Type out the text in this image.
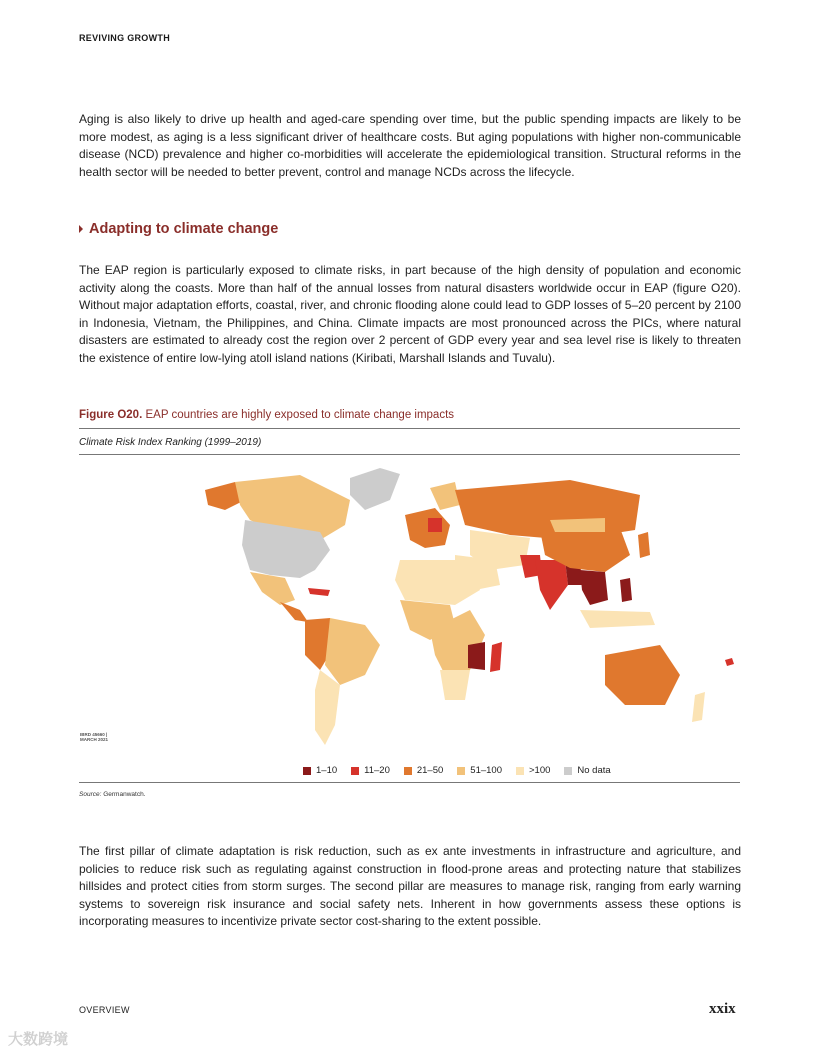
REVIVING GROWTH

Aging is also likely to drive up health and aged-care spending over time, but the public spending impacts are likely to be more modest, as aging is a less significant driver of healthcare costs. But aging populations with higher non-communicable disease (NCD) prevalence and higher co-morbidities will accelerate the epidemiological transition. Structural reforms in the health sector will be needed to better prevent, control and manage NCDs across the lifecycle.

Adapting to climate change

The EAP region is particularly exposed to climate risks, in part because of the high density of population and economic activity along the coasts. More than half of the annual losses from natural disasters worldwide occur in EAP (figure O20). Without major adaptation efforts, coastal, river, and chronic flooding alone could lead to GDP losses of 5–20 percent by 2100 in Indonesia, Vietnam, the Philippines, and China. Climate impacts are most pronounced across the PICs, where natural disasters are estimated to already cost the region over 2 percent of GDP every year and sea level rise is likely to threaten the existence of entire low-lying atoll island nations (Kiribati, Marshall Islands and Tuvalu).

Figure O20. EAP countries are highly exposed to climate change impacts
Climate Risk Index Ranking (1999–2019)
IBRD 45660 |
MARCH 2021
1–10	11–20	21–50	51–100	>100	No data
Source: Germanwatch.

The first pillar of climate adaptation is risk reduction, such as ex ante investments in infrastructure and agriculture, and policies to reduce risk such as regulating against construction in flood-prone areas and protecting nature that stabilizes hillsides and protect cities from storm surges. The second pillar are measures to manage risk, ranging from early warning systems to sovereign risk insurance and social safety nets. Inherent in how governments assess these options is incorporating measures to incentivize private sector cost-sharing to the extent possible.

OVERVIEW	xxix
大数跨境
